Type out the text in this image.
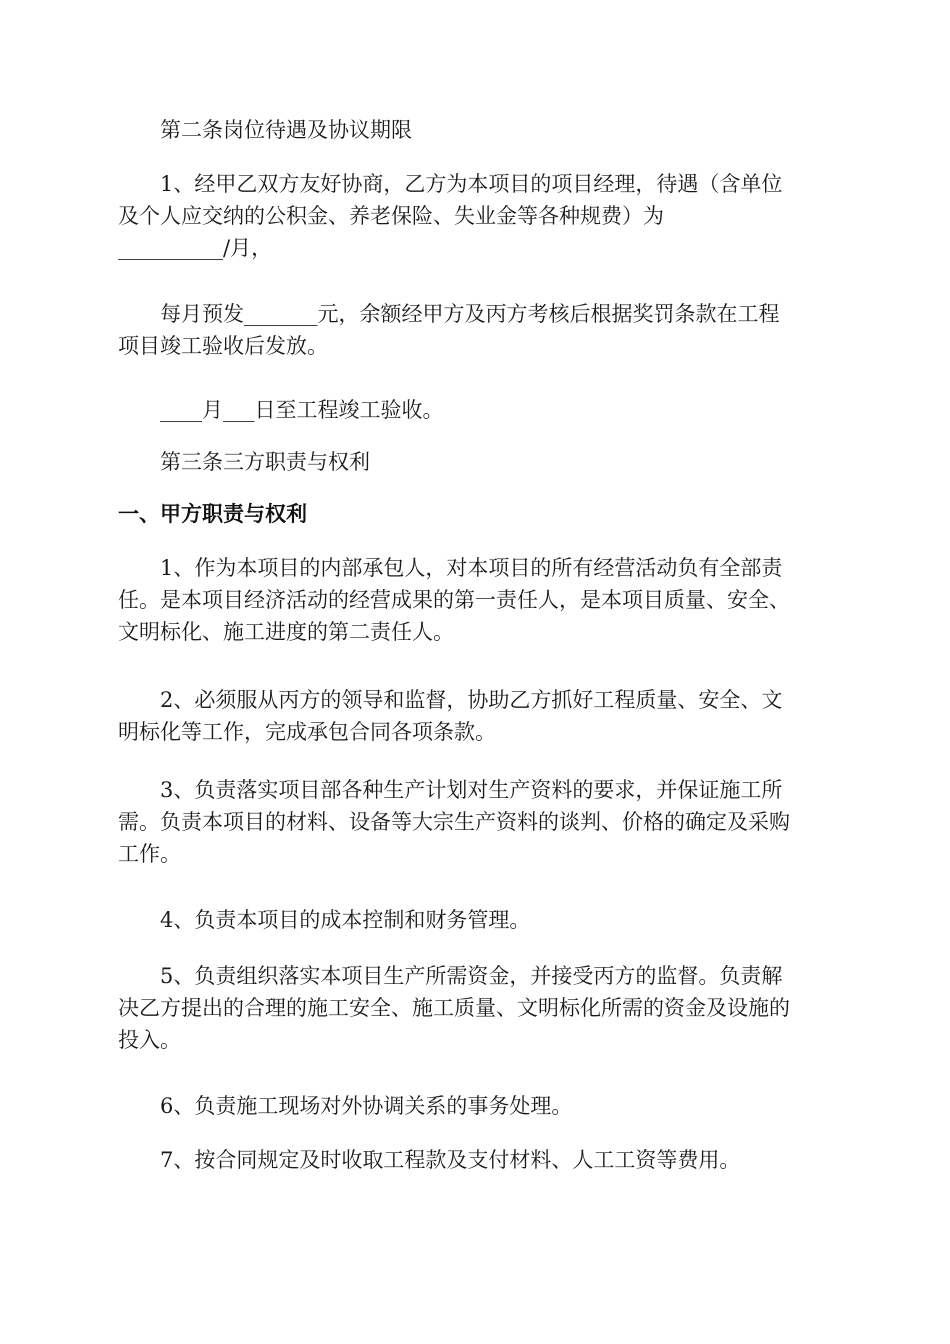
第二条岗位待遇及协议期限

1、经甲乙双方友好协商，乙方为本项目的项目经理，待遇（含单位
及个人应交纳的公积金、养老保险、失业金等各种规费）为
__________/月，

每月预发_______元，余额经甲方及丙方考核后根据奖罚条款在工程
项目竣工验收后发放。

____月___日至工程竣工验收。

第三条三方职责与权利

一、甲方职责与权利

1、作为本项目的内部承包人，对本项目的所有经营活动负有全部责
任。是本项目经济活动的经营成果的第一责任人，是本项目质量、安全、
文明标化、施工进度的第二责任人。

2、必须服从丙方的领导和监督，协助乙方抓好工程质量、安全、文
明标化等工作，完成承包合同各项条款。

3、负责落实项目部各种生产计划对生产资料的要求，并保证施工所
需。负责本项目的材料、设备等大宗生产资料的谈判、价格的确定及采购
工作。

4、负责本项目的成本控制和财务管理。

5、负责组织落实本项目生产所需资金，并接受丙方的监督。负责解
决乙方提出的合理的施工安全、施工质量、文明标化所需的资金及设施的
投入。

6、负责施工现场对外协调关系的事务处理。

7、按合同规定及时收取工程款及支付材料、人工工资等费用。
